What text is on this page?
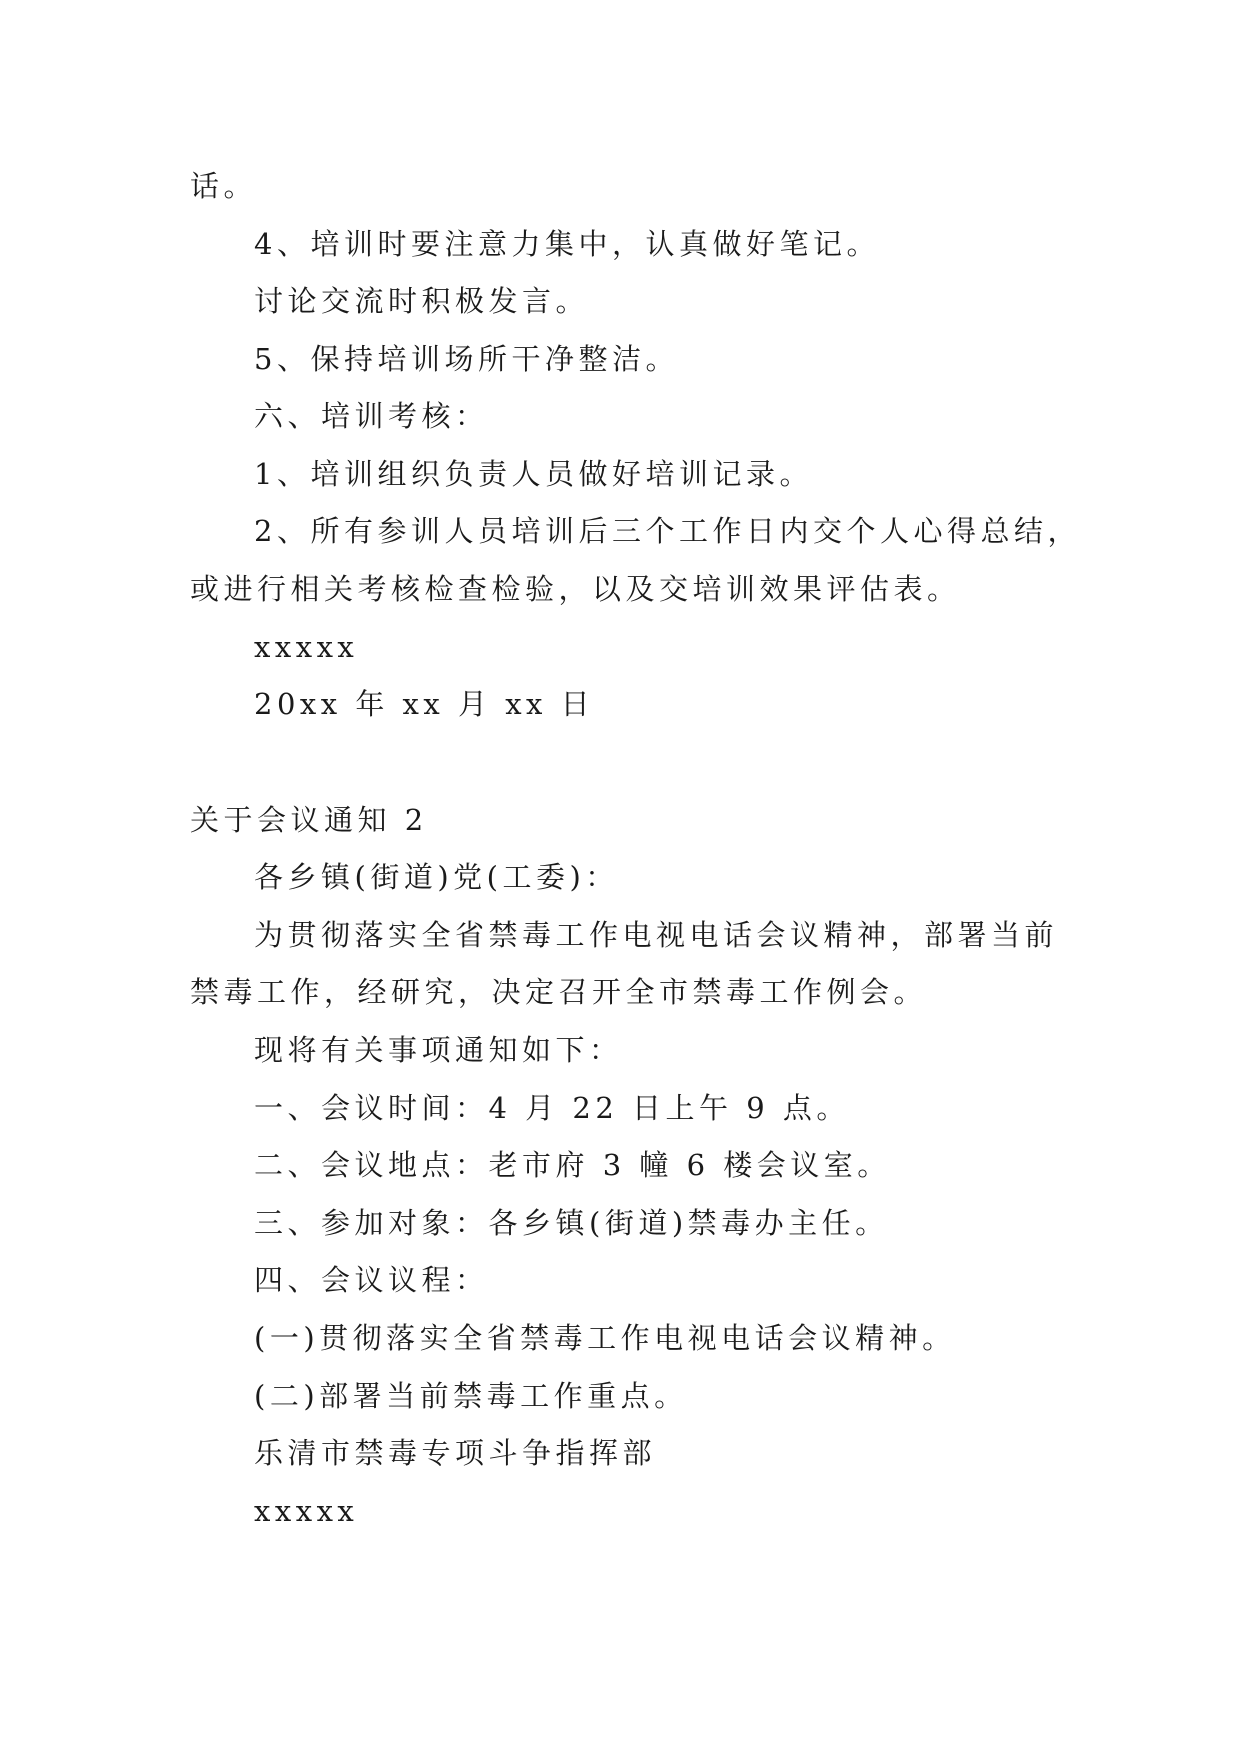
话。
4、培训时要注意力集中，认真做好笔记。
讨论交流时积极发言。
5、保持培训场所干净整洁。
六、培训考核：
1、培训组织负责人员做好培训记录。
2、所有参训人员培训后三个工作日内交个人心得总结，
或进行相关考核检查检验，以及交培训效果评估表。
xxxxx
20xx 年 xx 月 xx 日
关于会议通知 2
各乡镇(街道)党(工委)：
为贯彻落实全省禁毒工作电视电话会议精神，部署当前
禁毒工作，经研究，决定召开全市禁毒工作例会。
现将有关事项通知如下：
一、会议时间：4 月 22 日上午 9 点。
二、会议地点：老市府 3 幢 6 楼会议室。
三、参加对象：各乡镇(街道)禁毒办主任。
四、会议议程：
(一)贯彻落实全省禁毒工作电视电话会议精神。
(二)部署当前禁毒工作重点。
乐清市禁毒专项斗争指挥部
xxxxx
